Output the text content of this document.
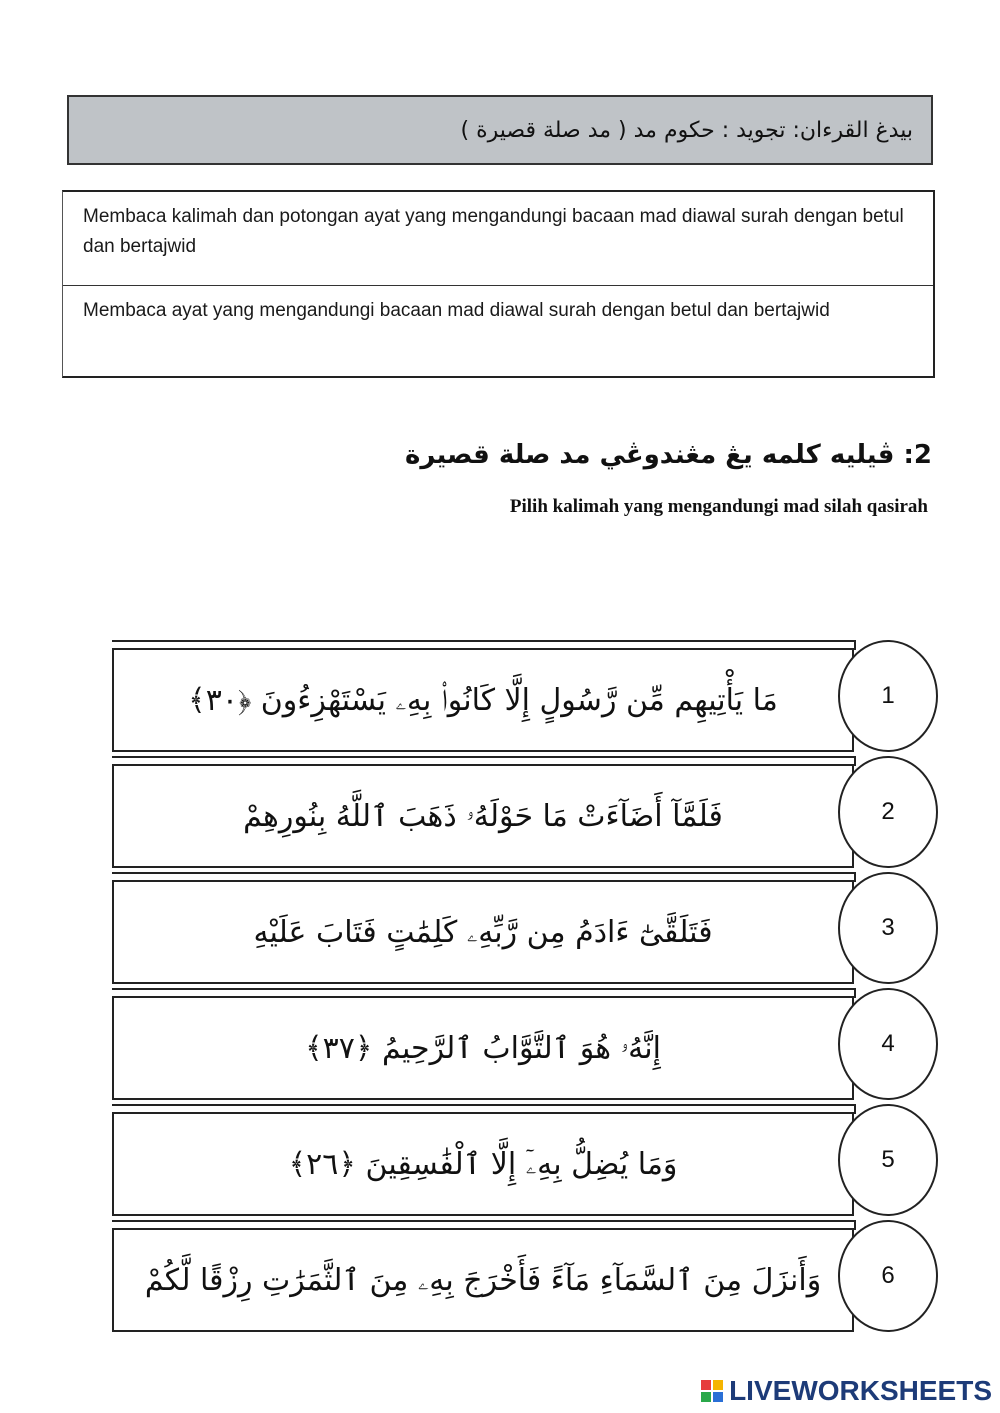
بيدغ القرءان: تجويد : حكوم مد ( مد صلة قصيرة )
Membaca kalimah dan potongan ayat yang mengandungi bacaan mad diawal surah dengan betul dan bertajwid
Membaca ayat yang mengandungi bacaan mad diawal surah dengan betul dan bertajwid
2: ڤيليه كلمه يڠ مڠندوڠي مد صلة قصيرة
Pilih kalimah yang mengandungi mad silah qasirah
مَا يَأْتِيهِم مِّن رَّسُولٍ إِلَّا كَانُوا۟ بِهِۦ يَسْتَهْزِءُونَ ﴿٣٠﴾	1
فَلَمَّآ أَضَآءَتْ مَا حَوْلَهُۥ ذَهَبَ ٱللَّهُ بِنُورِهِمْ	2
فَتَلَقَّىٰٓ ءَادَمُ مِن رَّبِّهِۦ كَلِمَٰتٍ فَتَابَ عَلَيْهِ	3
إِنَّهُۥ هُوَ ٱلتَّوَّابُ ٱلرَّحِيمُ ﴿٣٧﴾	4
وَمَا يُضِلُّ بِهِۦٓ إِلَّا ٱلْفَٰسِقِينَ ﴿٢٦﴾	5
وَأَنزَلَ مِنَ ٱلسَّمَآءِ مَآءً فَأَخْرَجَ بِهِۦ مِنَ ٱلثَّمَرَٰتِ رِزْقًا لَّكُمْ	6
LIVEWORKSHEETS
